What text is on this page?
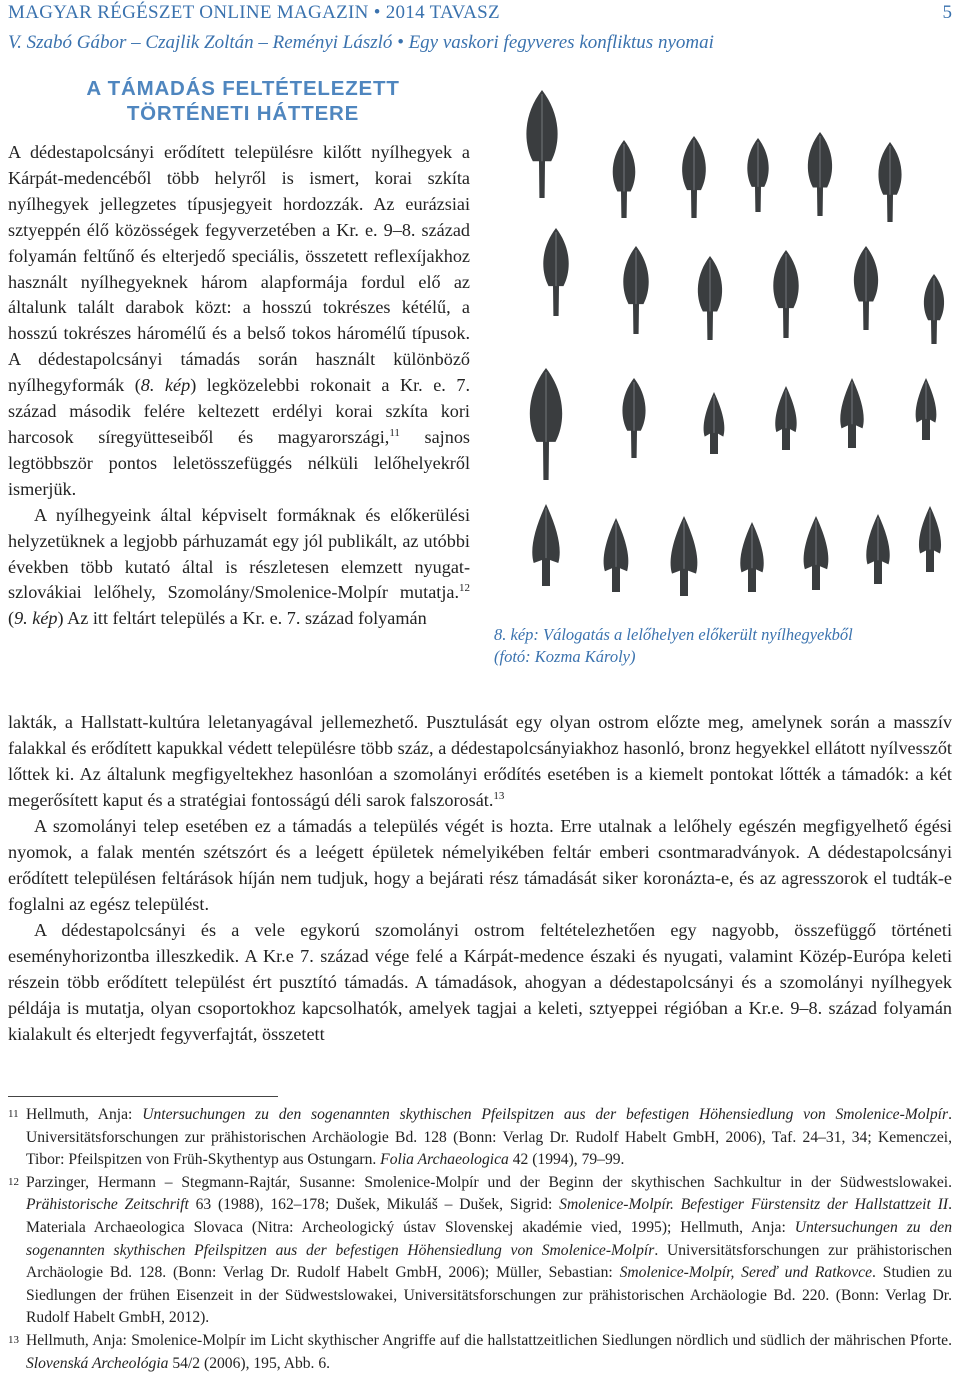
MAGYAR RÉGÉSZET ONLINE MAGAZIN • 2014 TAVASZ	5
V. Szabó Gábor – Czajlik Zoltán – Reményi László • Egy vaskori fegyveres konfliktus nyomai
A TÁMADÁS FELTÉTELEZETT
TÖRTÉNETI HÁTTERE

A dédestapolcsányi erődített településre kilőtt nyílhegyek a Kárpát-medencéből több helyről is ismert, korai szkíta nyílhegyek jellegzetes típusjegyeit hordozzák. Az eurázsiai sztyeppén élő közösségek fegyverzetében a Kr. e. 9–8. század folyamán feltűnő és elterjedő speciális, összetett reflexíjakhoz használt nyílhegyeknek három alapformája fordul elő az általunk talált darabok közt: a hosszú tokrészes kétélű, a hosszú tokrészes háromélű és a belső tokos háromélű típusok. A dédestapolcsányi támadás során használt különböző nyílhegyformák (8. kép) legközelebbi rokonait a Kr. e. 7. század második felére keltezett erdélyi korai szkíta kori harcosok síregyütteseiből és magyarországi,$^{11}$ sajnos legtöbbször pontos leletösszefüggés nélküli lelőhelyekről ismerjük.

A nyílhegyeink által képviselt formáknak és előkerülési helyzetüknek a legjobb párhuzamát egy jól publikált, az utóbbi években több kutató által is részletesen elemzett nyugat-szlovákiai lelőhely, Szomolány/Smolenice-Molpír mutatja.$^{12}$ (9. kép) Az itt feltárt település a Kr. e. 7. század folyamán

8. kép: Válogatás a lelőhelyen előkerült nyílhegyekből
(fotó: Kozma Károly)

lakták, a Hallstatt-kultúra leletanyagával jellemezhető. Pusztulását egy olyan ostrom előzte meg, amelynek során a masszív falakkal és erődített kapukkal védett településre több száz, a dédestapolcsányiakhoz hasonló, bronz hegyekkel ellátott nyílvesszőt lőttek ki. Az általunk megfigyeltekhez hasonlóan a szomolányi erődítés esetében is a kiemelt pontokat lőtték a támadók: a két megerősített kaput és a stratégiai fontosságú déli sarok falszorosát.$^{13}$

A szomolányi telep esetében ez a támadás a település végét is hozta. Erre utalnak a lelőhely egészén megfigyelhető égési nyomok, a falak mentén szétszórt és a leégett épületek némelyikében feltár emberi csontmaradványok. A dédestapolcsányi erődített településen feltárások híján nem tudjuk, hogy a bejárati rész támadását siker koronázta-e, és az agresszorok el tudták-e foglalni az egész települést.

A dédestapolcsányi és a vele egykorú szomolányi ostrom feltételezhetően egy nagyobb, összefüggő történeti eseményhorizontba illeszkedik. A Kr.e 7. század vége felé a Kárpát-medence északi és nyugati, valamint Közép-Európa keleti részein több erődített települést ért pusztító támadás. A támadások, ahogyan a dédestapolcsányi és a szomolányi nyílhegyek példája is mutatja, olyan csoportokhoz kapcsolhatók, amelyek tagjai a keleti, sztyeppei régióban a Kr.e. 9–8. század folyamán kialakult és elterjedt fegyverfajtát, összetett

11 Hellmuth, Anja: Untersuchungen zu den sogenannten skythischen Pfeilspitzen aus der befestigen Höhensiedlung von Smolenice-Molpír. Universitätsforschungen zur prähistorischen Archäologie Bd. 128 (Bonn: Verlag Dr. Rudolf Habelt GmbH, 2006), Taf. 24–31, 34; Kemenczei, Tibor: Pfeilspitzen von Früh-Skythentyp aus Ostungarn. Folia Archaeologica 42 (1994), 79–99.
12 Parzinger, Hermann – Stegmann-Rajtár, Susanne: Smolenice-Molpír und der Beginn der skythischen Sachkultur in der Südwestslowakei. Prähistorische Zeitschrift 63 (1988), 162–178; Dušek, Mikuláš – Dušek, Sigrid: Smolenice-Molpír. Befestiger Fürstensitz der Hallstattzeit II. Materiala Archaeologica Slovaca (Nitra: Archeologický ústav Slovenskej akadémie vied, 1995); Hellmuth, Anja: Untersuchungen zu den sogenannten skythischen Pfeilspitzen aus der befestigen Höhensiedlung von Smolenice-Molpír. Universitätsforschungen zur prähistorischen Archäologie Bd. 128. (Bonn: Verlag Dr. Rudolf Habelt GmbH, 2006); Müller, Sebastian: Smolenice-Molpír, Sereď und Ratkovce. Studien zu Siedlungen der frühen Eisenzeit in der Südwestslowakei, Universitätsforschungen zur prähistorischen Archäologie Bd. 220. (Bonn: Verlag Dr. Rudolf Habelt GmbH, 2012).
13 Hellmuth, Anja: Smolenice-Molpír im Licht skythischer Angriffe auf die hallstattzeitlichen Siedlungen nördlich und südlich der mährischen Pforte. Slovenská Archeológia 54/2 (2006), 195, Abb. 6.
